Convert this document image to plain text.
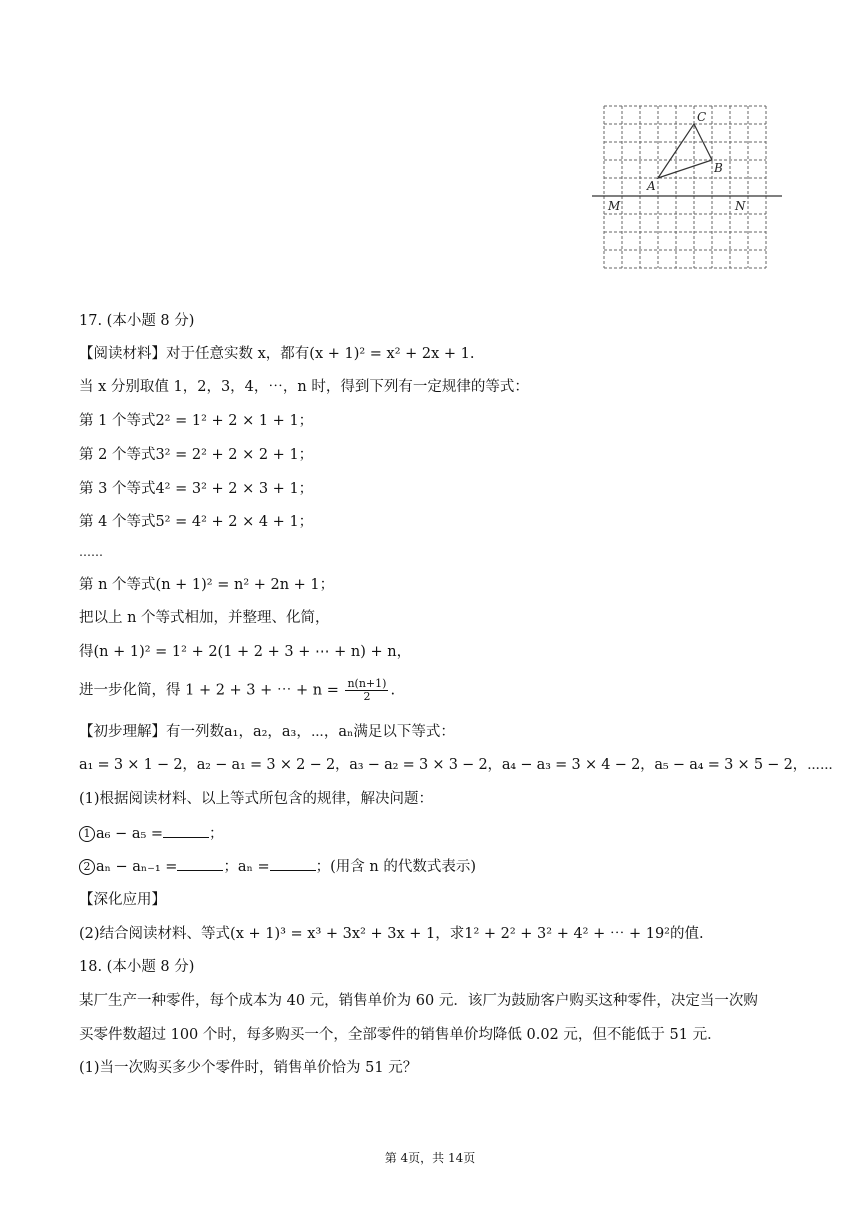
C
B
A
M	N
17. (本小题 8 分)
【阅读材料】对于任意实数 x，都有(x + 1)² = x² + 2x + 1.
当 x 分别取值 1，2，3，4，⋯，n 时，得到下列有一定规律的等式：
第 1 个等式2² = 1² + 2 × 1 + 1；
第 2 个等式3² = 2² + 2 × 2 + 1；
第 3 个等式4² = 3² + 2 × 3 + 1；
第 4 个等式5² = 4² + 2 × 4 + 1；
……
第 n 个等式(n + 1)² = n² + 2n + 1；
把以上 n 个等式相加，并整理、化简，
得(n + 1)² = 1² + 2(1 + 2 + 3 + ⋯ + n) + n，
进一步化简，得 1 + 2 + 3 + ⋯ + $n = \frac{n(n+1)}{2}$ .
【初步理解】有一列数a₁，a₂，a₃，⋯，aₙ满足以下等式：
a₁ = 3 × 1 − 2，a₂ − a₁ = 3 × 2 − 2，a₃ − a₂ = 3 × 3 − 2，a₄ − a₃ = 3 × 4 − 2，a₅ − a₄ = 3 × 5 − 2，⋯⋯
(1)根据阅读材料、以上等式所包含的规律，解决问题：
1 a₆ − a₅ =	；
2 aₙ − aₙ₋₁ =	；aₙ =	；(用含 n 的代数式表示)
【深化应用】
(2)结合阅读材料、等式(x + 1)³ = x³ + 3x² + 3x + 1，求1² + 2² + 3² + 4² + ⋯ + 19²的值.
18. (本小题 8 分)
某厂生产一种零件，每个成本为 40 元，销售单价为 60 元．该厂为鼓励客户购买这种零件，决定当一次购
买零件数超过 100 个时，每多购买一个，全部零件的销售单价均降低 0.02 元，但不能低于 51 元．
(1)当一次购买多少个零件时，销售单价恰为 51 元？
第 4页，共 14页
